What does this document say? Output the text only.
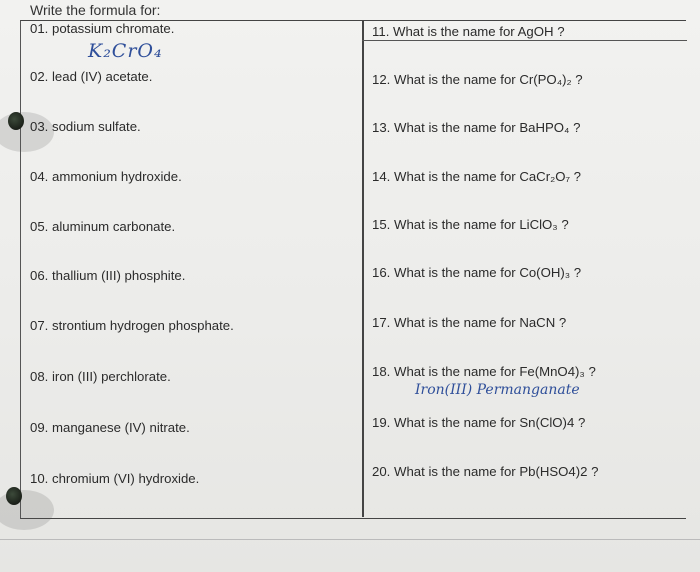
Write the formula for:
01. potassium chromate.
02. lead (IV) acetate.
03. sodium sulfate.
04. ammonium hydroxide.
05. aluminum carbonate.
06. thallium (III) phosphite.
07. strontium hydrogen phosphate.
08. iron (III) perchlorate.
09. manganese (IV) nitrate.
10. chromium (VI) hydroxide.
11. What is the name for AgOH ?
12. What is the name for Cr(PO₄)₂ ?
13. What is the name for BaHPO₄ ?
14. What is the name for CaCr₂O₇ ?
15. What is the name for LiClO₃ ?
16. What is the name for Co(OH)₃ ?
17. What is the name for NaCN ?
18. What is the name for Fe(MnO4)₃ ?
19. What is the name for Sn(ClO)4 ?
20. What is the name for Pb(HSO4)2 ?
K₂CrO₄
Iron(III) Permanganate
